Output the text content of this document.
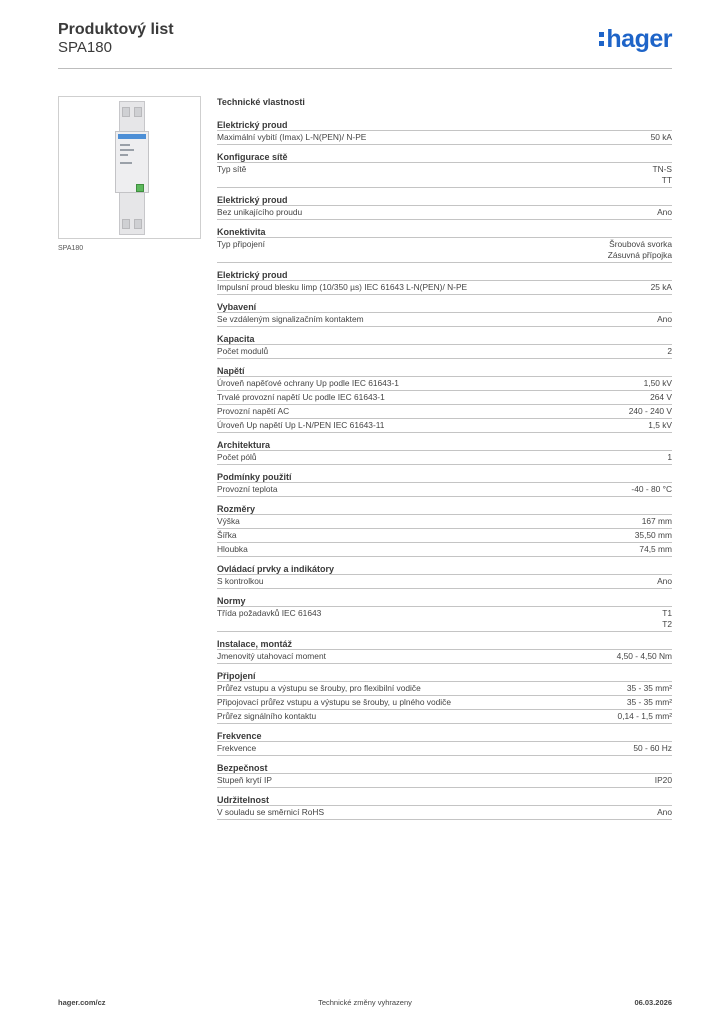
Produktový list
SPA180	hager
SPA180
Technické vlastnosti
Elektrický proud
Maximální vybití (Imax) L-N(PEN)/ N-PE	50 kA
Konfigurace sítě
Typ sítě	TN-S
TT
Elektrický proud
Bez unikajícího proudu	Ano
Konektivita
Typ připojení	Šroubová svorka
Zásuvná přípojka
Elektrický proud
Impulsní proud blesku Iimp (10/350 µs) IEC 61643 L-N(PEN)/ N-PE	25 kA
Vybavení
Se vzdáleným signalizačním kontaktem	Ano
Kapacita
Počet modulů	2
Napětí
Úroveň napěťové ochrany Up podle IEC 61643-1	1,50 kV
Trvalé provozní napětí Uc podle IEC 61643-1	264 V
Provozní napětí AC	240 - 240 V
Úroveň Up napětí Up L-N/PEN IEC 61643-11	1,5 kV
Architektura
Počet pólů	1
Podmínky použití
Provozní teplota	-40 - 80 °C
Rozměry
Výška	167 mm
Šířka	35,50 mm
Hloubka	74,5 mm
Ovládací prvky a indikátory
S kontrolkou	Ano
Normy
Třída požadavků IEC 61643	T1
T2
Instalace, montáž
Jmenovitý utahovací moment	4,50 - 4,50 Nm
Připojení
Průřez vstupu a výstupu se šrouby, pro flexibilní vodiče	35 - 35 mm²
Připojovací průřez vstupu a výstupu se šrouby, u plného vodiče	35 - 35 mm²
Průřez signálního kontaktu	0,14 - 1,5 mm²
Frekvence
Frekvence	50 - 60 Hz
Bezpečnost
Stupeň krytí IP	IP20
Udržitelnost
V souladu se směrnicí RoHS	Ano
hager.com/cz	Technické změny vyhrazeny	06.03.2026
